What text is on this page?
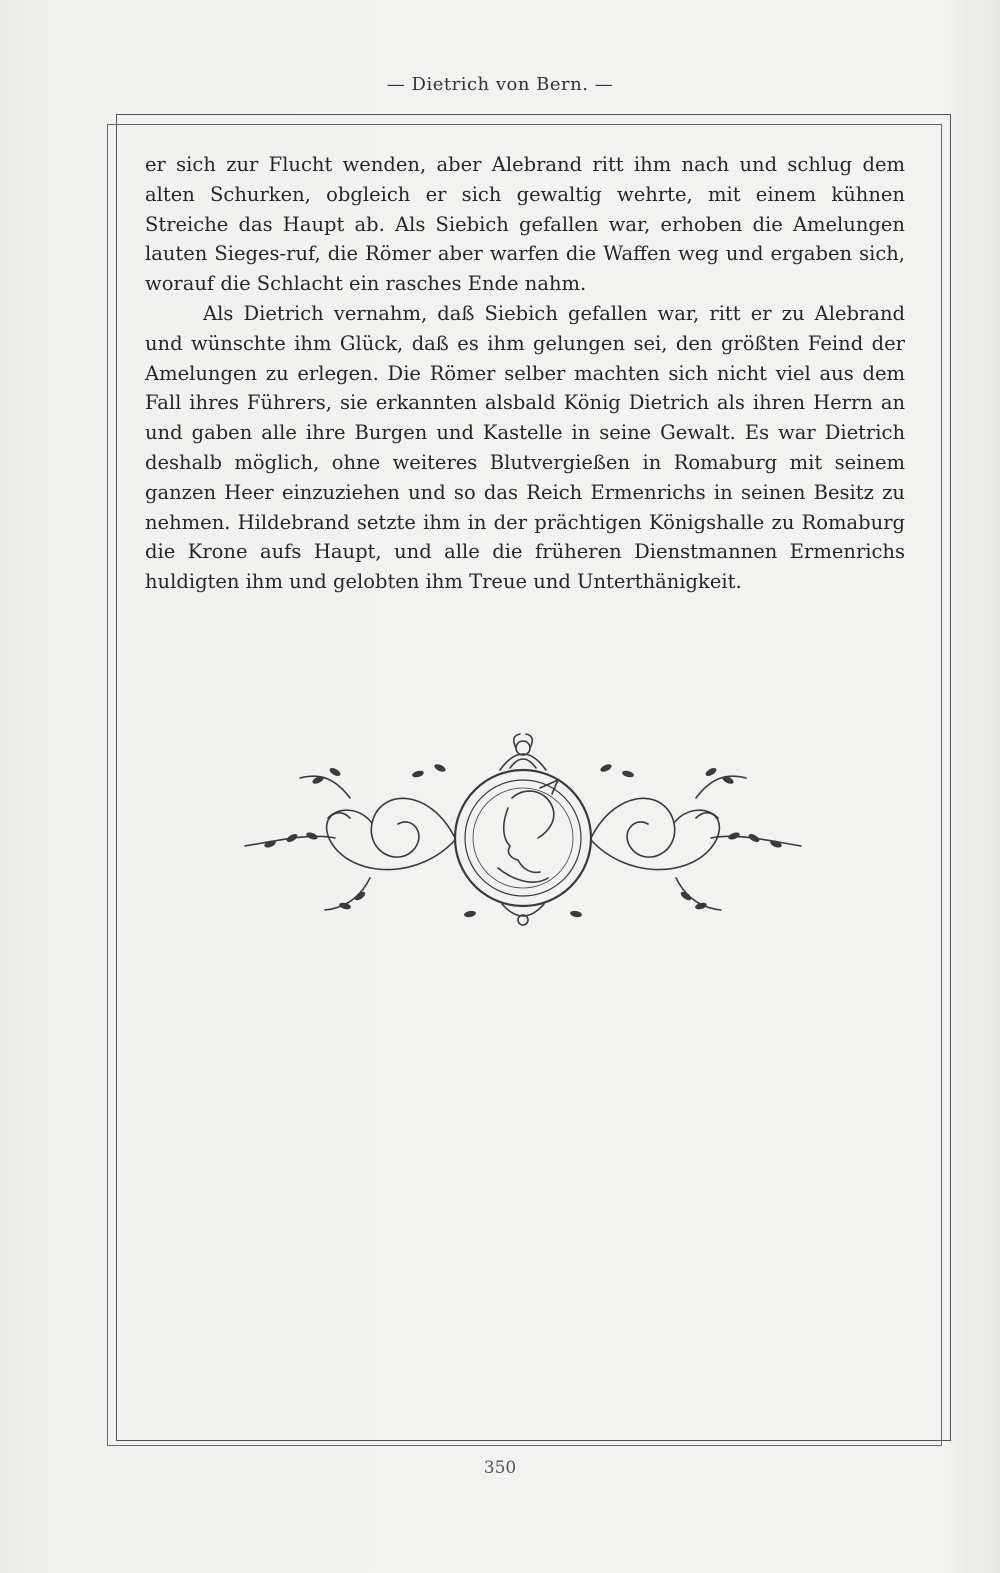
— Dietrich von Bern. —

er sich zur Flucht wenden, aber Alebrand ritt ihm nach und schlug dem alten Schurken, obgleich er sich gewaltig wehrte, mit einem kühnen Streiche das Haupt ab. Als Siebich gefallen war, erhoben die Amelungen lauten Sieges-ruf, die Römer aber warfen die Waffen weg und ergaben sich, worauf die Schlacht ein rasches Ende nahm.

Als Dietrich vernahm, daß Siebich gefallen war, ritt er zu Alebrand und wünschte ihm Glück, daß es ihm gelungen sei, den größten Feind der Amelungen zu erlegen. Die Römer selber machten sich nicht viel aus dem Fall ihres Führers, sie erkannten alsbald König Dietrich als ihren Herrn an und gaben alle ihre Burgen und Kastelle in seine Gewalt. Es war Dietrich deshalb möglich, ohne weiteres Blutvergießen in Romaburg mit seinem ganzen Heer einzuziehen und so das Reich Ermenrichs in seinen Besitz zu nehmen. Hildebrand setzte ihm in der prächtigen Königshalle zu Romaburg die Krone aufs Haupt, und alle die früheren Dienstmannen Ermenrichs huldigten ihm und gelobten ihm Treue und Unterthänigkeit.

350
